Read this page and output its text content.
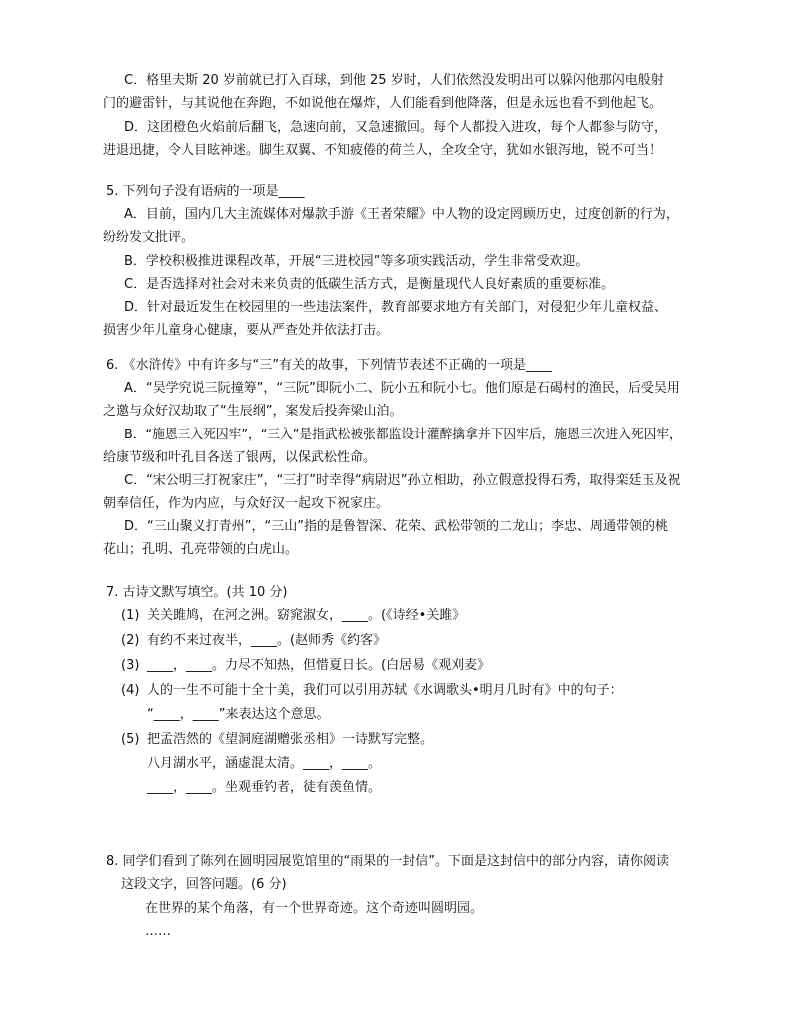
C．格里夫斯 20 岁前就已打入百球，到他 25 岁时，人们依然没发明出可以躲闪他那闪电般射
门的避雷针，与其说他在奔跑，不如说他在爆炸，人们能看到他降落，但是永远也看不到他起飞。
D．这团橙色火焰前后翻飞，急速向前，又急速撤回。每个人都投入进攻，每个人都参与防守，
进退迅捷，令人目眩神迷。脚生双翼、不知疲倦的荷兰人，全攻全守，犹如水银泻地，锐不可当！
5. 下列句子没有语病的一项是____
A．目前，国内几大主流媒体对爆款手游《王者荣耀》中人物的设定罔顾历史，过度创新的行为，
纷纷发文批评。
B．学校积极推进课程改革，开展“三进校园”等多项实践活动，学生非常受欢迎。
C．是否选择对社会对未来负责的低碳生活方式，是衡量现代人良好素质的重要标准。
D．针对最近发生在校园里的一些违法案件，教育部要求地方有关部门，对侵犯少年儿童权益、
损害少年儿童身心健康，要从严查处并依法打击。
6. 《水浒传》中有许多与“三”有关的故事，下列情节表述不正确的一项是____
A．“吴学究说三阮撞筹”，“三阮”即阮小二、阮小五和阮小七。他们原是石碣村的渔民，后受吴用
之邀与众好汉劫取了“生辰纲”，案发后投奔梁山泊。
B．“施恩三入死囚牢”，“三入”是指武松被张都监设计灌醉擒拿并下囚牢后，施恩三次进入死囚牢，
给康节级和叶孔目各送了银两，以保武松性命。
C．“宋公明三打祝家庄”，“三打”时幸得“病尉迟”孙立相助，孙立假意投得石秀，取得栾廷玉及祝
朝奉信任，作为内应，与众好汉一起攻下祝家庄。
D．“三山聚义打青州”，“三山”指的是鲁智深、花荣、武松带领的二龙山；李忠、周通带领的桃
花山；孔明、孔亮带领的白虎山。
7. 古诗文默写填空。(共 10 分)
(1) 关关雎鸠，在河之洲。窈窕淑女，____。(《诗经•关雎》
(2) 有约不来过夜半，____。(赵师秀《约客》
(3) ____，____。力尽不知热，但惜夏日长。(白居易《观刈麦》
(4) 人的一生不可能十全十美，我们可以引用苏轼《水调歌头•明月几时有》中的句子：
“____，____”来表达这个意思。
(5) 把孟浩然的《望洞庭湖赠张丞相》一诗默写完整。
八月湖水平，涵虚混太清。____，____。
____，____。坐观垂钓者，徒有羡鱼情。
8. 同学们看到了陈列在圆明园展览馆里的“雨果的一封信”。下面是这封信中的部分内容，请你阅读
这段文字，回答问题。(6 分)
在世界的某个角落，有一个世界奇迹。这个奇迹叫圆明园。
……
